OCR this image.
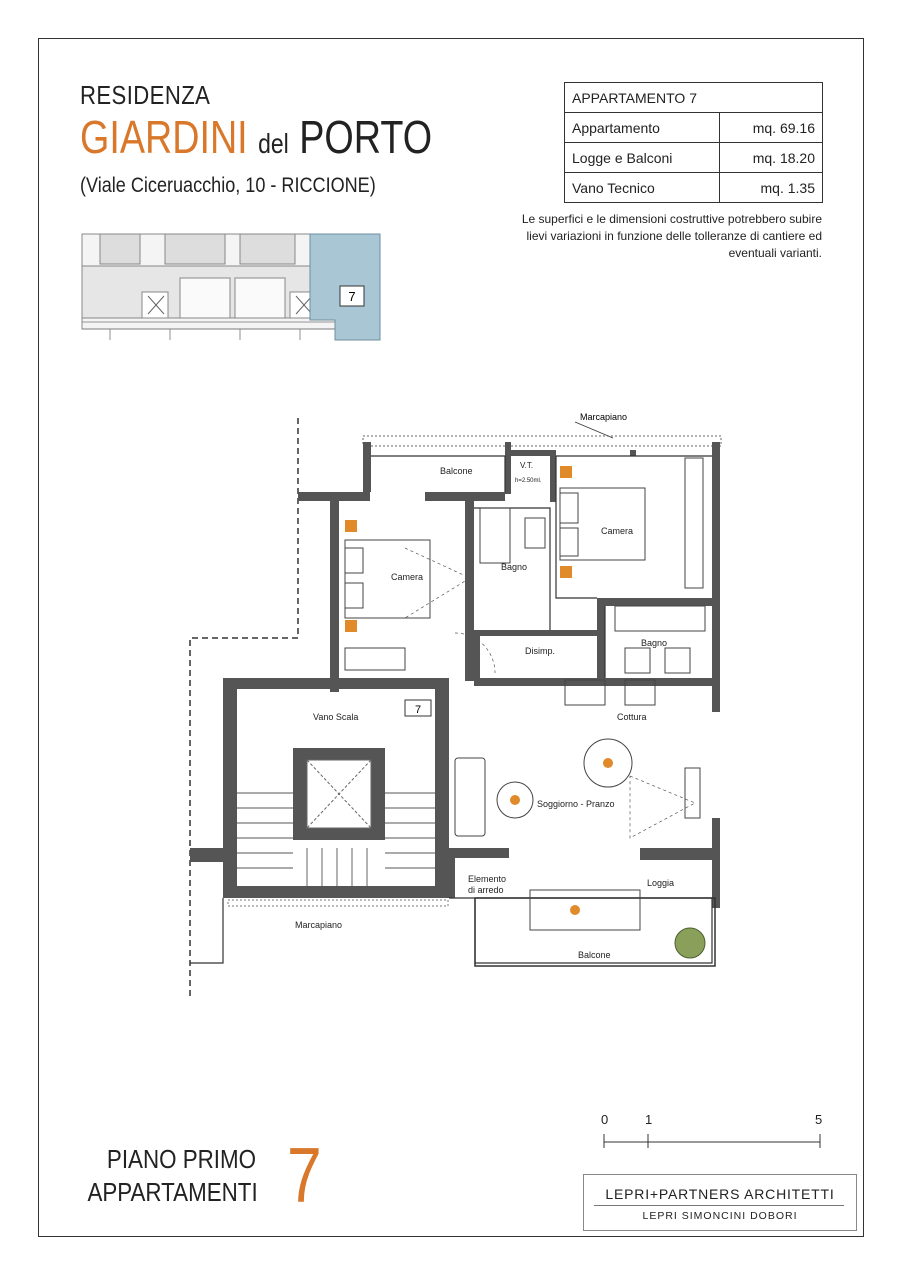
RESIDENZA
GIARDINI del PORTO
(Viale Ciceruacchio, 10 - RICCIONE)
APPARTAMENTO 7	
Appartamento	mq. 69.16
Logge e Balconi	mq. 18.20
Vano Tecnico	mq. 1.35
Le superfici e le dimensioni costruttive potrebbero subire lievi variazioni in funzione delle tolleranze di cantiere ed eventuali varianti.
7
Marcapiano
7
Balcone
V.T.
h=2.50ml.
Camera
Bagno
Camera
Bagno
Disimp.
Vano Scala	Cottura
Soggiorno - Pranzo
Elemento
di arredo
Loggia
Balcone
Marcapiano
PIANO PRIMO
APPARTAMENTI 7
0	1	5
LEPRI+PARTNERS ARCHITETTI
LEPRI SIMONCINI DOBORI
